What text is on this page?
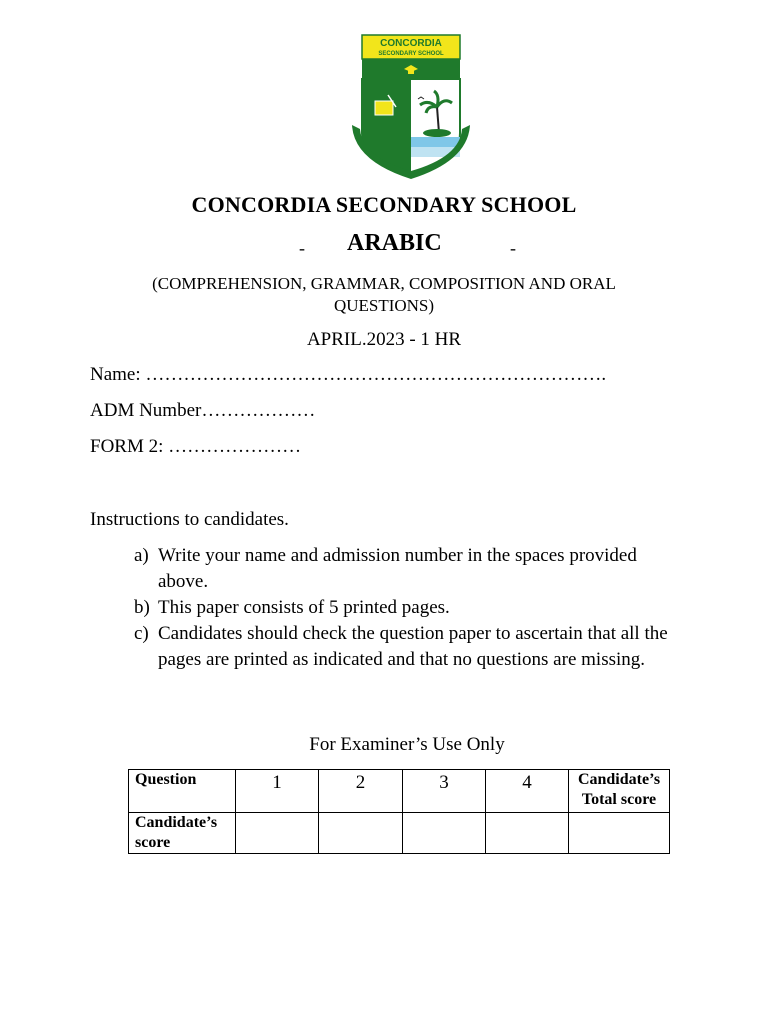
CONCORDIA
SECONDARY SCHOOL
CONCORDIA SECONDARY SCHOOL
- ARABIC	-
(COMPREHENSION, GRAMMAR, COMPOSITION AND ORAL QUESTIONS)
APRIL.2023 - 1 HR
Name: ……………………………………………………………….
ADM Number………………
FORM 2: …………………
Instructions to candidates.
a) Write your name and admission number in the spaces provided above.
b) This paper consists of 5 printed pages.
c) Candidates should check the question paper to ascertain that all the pages are printed as indicated and that no questions are missing.
For Examiner’s Use Only
Question	1	2	3	4	Candidate’s Total score
Candidate’s score					
